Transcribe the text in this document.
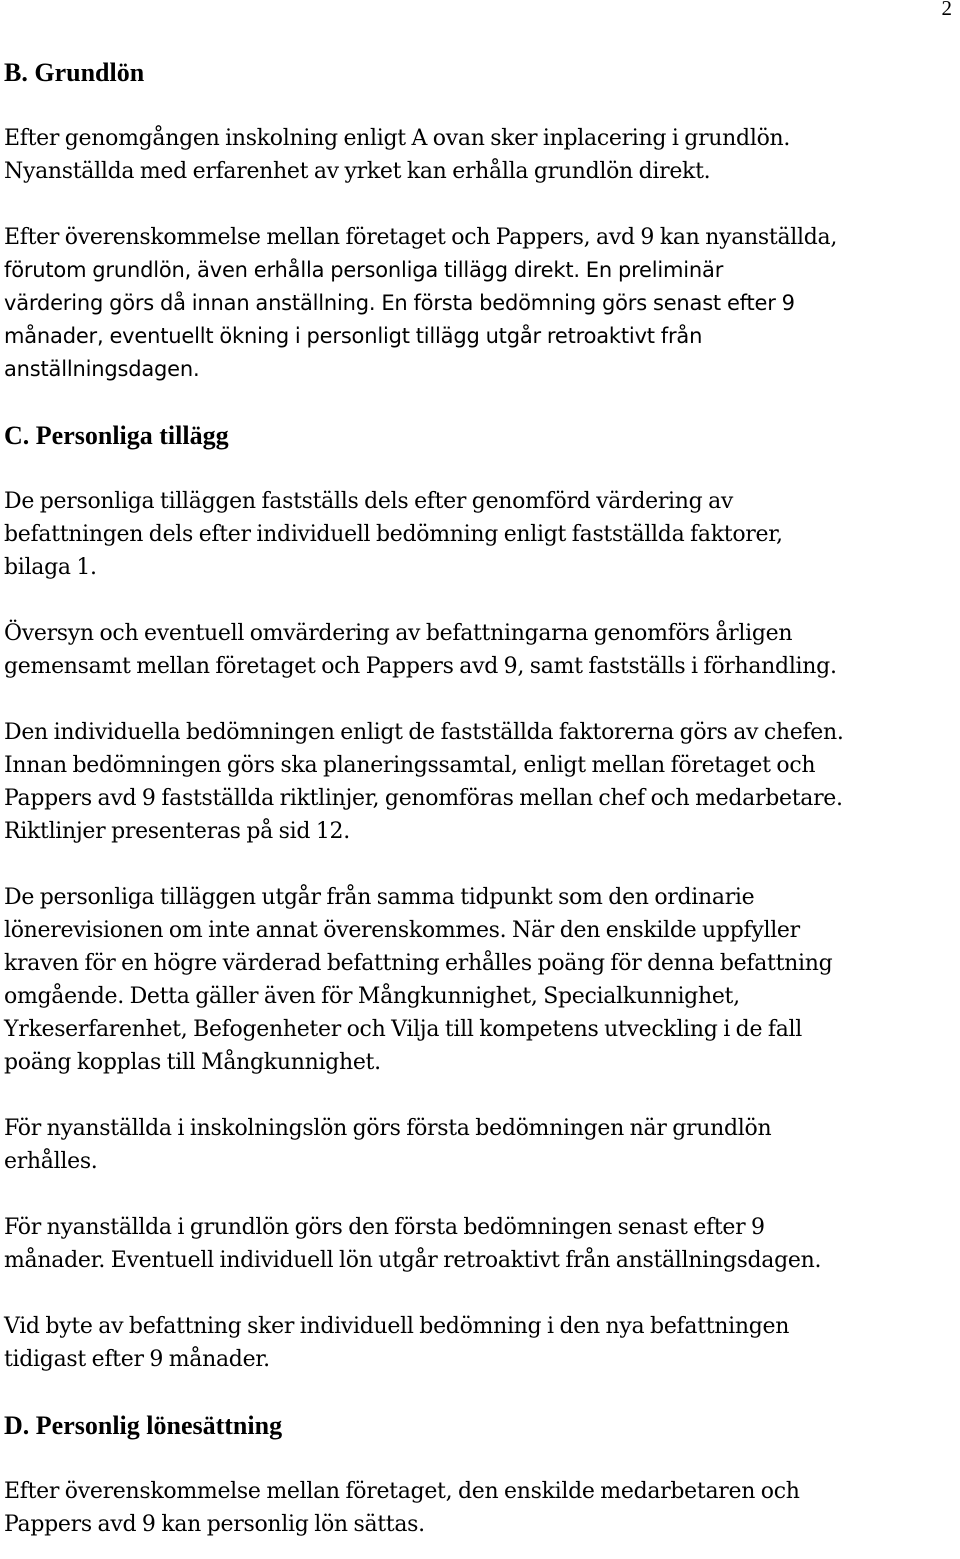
2
B. Grundlön

Efter genomgången inskolning enligt A ovan sker inplacering i grundlön.
Nyanställda med erfarenhet av yrket kan erhålla grundlön direkt.

Efter överenskommelse mellan företaget och Pappers, avd 9 kan nyanställda,
förutom grundlön, även erhålla personliga tillägg direkt. En preliminär
värdering görs då innan anställning. En första bedömning görs senast efter 9
månader, eventuellt ökning i personligt tillägg utgår retroaktivt från
anställningsdagen.

C. Personliga tillägg

De personliga tilläggen fastställs dels efter genomförd värdering av
befattningen dels efter individuell bedömning enligt fastställda faktorer,
bilaga 1.

Översyn och eventuell omvärdering av befattningarna genomförs årligen
gemensamt mellan företaget och Pappers avd 9, samt fastställs i förhandling.

Den individuella bedömningen enligt de fastställda faktorerna görs av chefen.
Innan bedömningen görs ska planeringssamtal, enligt mellan företaget och
Pappers avd 9 fastställda riktlinjer, genomföras mellan chef och medarbetare.
Riktlinjer presenteras på sid 12.

De personliga tilläggen utgår från samma tidpunkt som den ordinarie
lönerevisionen om inte annat överenskommes. När den enskilde uppfyller
kraven för en högre värderad befattning erhålles poäng för denna befattning
omgående. Detta gäller även för Mångkunnighet, Specialkunnighet,
Yrkeserfarenhet, Befogenheter och Vilja till kompetens utveckling i de fall
poäng kopplas till Mångkunnighet.

För nyanställda i inskolningslön görs första bedömningen när grundlön
erhålles.

För nyanställda i grundlön görs den första bedömningen senast efter 9
månader. Eventuell individuell lön utgår retroaktivt från anställningsdagen.

Vid byte av befattning sker individuell bedömning i den nya befattningen
tidigast efter 9 månader.

D. Personlig lönesättning

Efter överenskommelse mellan företaget, den enskilde medarbetaren och
Pappers avd 9 kan personlig lön sättas.
